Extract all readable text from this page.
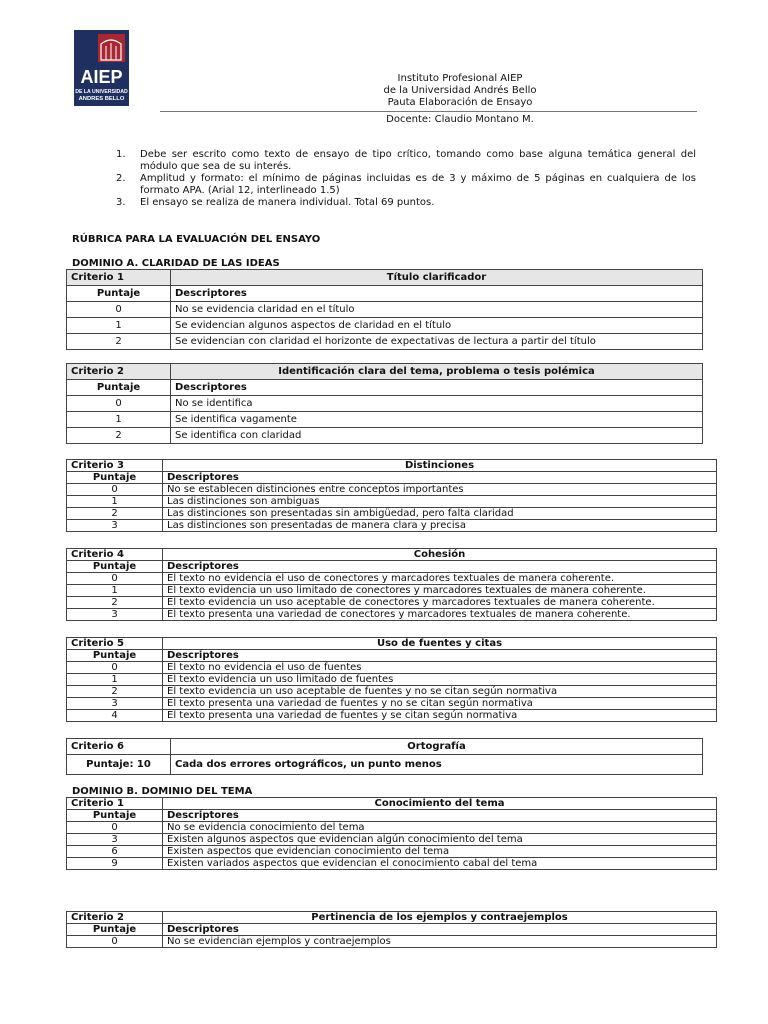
AIEP
DE LA UNIVERSIDAD
ANDRES BELLO
Instituto Profesional AIEP
de la Universidad Andrés Bello
Pauta Elaboración de Ensayo
Docente: Claudio Montano M.
1. Debe ser escrito como texto de ensayo de tipo crítico, tomando como base alguna temática general del módulo que sea de su interés.
2. Amplitud y formato: el mínimo de páginas incluidas es de 3 y máximo de 5 páginas en cualquiera de los formato APA. (Arial 12, interlineado 1.5)
3. El ensayo se realiza de manera individual. Total 69 puntos.
RÚBRICA PARA LA EVALUACIÓN DEL ENSAYO
DOMINIO A. CLARIDAD DE LAS IDEAS
Criterio 1	Título clarificador
Puntaje	Descriptores
0	No se evidencia claridad en el título
1	Se evidencian algunos aspectos de claridad en el título
2	Se evidencian con claridad el horizonte de expectativas de lectura a partir del título
Criterio 2	Identificación clara del tema, problema o tesis polémica
Puntaje	Descriptores
0	No se identifica
1	Se identifica vagamente
2	Se identifica con claridad
Criterio 3	Distinciones
Puntaje	Descriptores
0	No se establecen distinciones entre conceptos importantes
1	Las distinciones son ambiguas
2	Las distinciones son presentadas sin ambigüedad, pero falta claridad
3	Las distinciones son presentadas de manera clara y precisa
Criterio 4	Cohesión
Puntaje	Descriptores
0	El texto no evidencia el uso de conectores y marcadores textuales de manera coherente.
1	El texto evidencia un uso limitado de conectores y marcadores textuales de manera coherente.
2	El texto evidencia un uso aceptable de conectores y marcadores textuales de manera coherente.
3	El texto presenta una variedad de conectores y marcadores textuales de manera coherente.
Criterio 5	Uso de fuentes y citas
Puntaje	Descriptores
0	El texto no evidencia el uso de fuentes
1	El texto evidencia un uso limitado de fuentes
2	El texto evidencia un uso aceptable de fuentes y no se citan según normativa
3	El texto presenta una variedad de fuentes y no se citan según normativa
4	El texto presenta una variedad de fuentes y se citan según normativa
Criterio 6	Ortografía
Puntaje: 10	Cada dos errores ortográficos, un punto menos
DOMINIO B. DOMINIO DEL TEMA
Criterio 1	Conocimiento del tema
Puntaje	Descriptores
0	No se evidencia conocimiento del tema
3	Existen algunos aspectos que evidencian algún conocimiento del tema
6	Existen aspectos que evidencian conocimiento del tema
9	Existen variados aspectos que evidencian el conocimiento cabal del tema
Criterio 2	Pertinencia de los ejemplos y contraejemplos
Puntaje	Descriptores
0	No se evidencian ejemplos y contraejemplos
